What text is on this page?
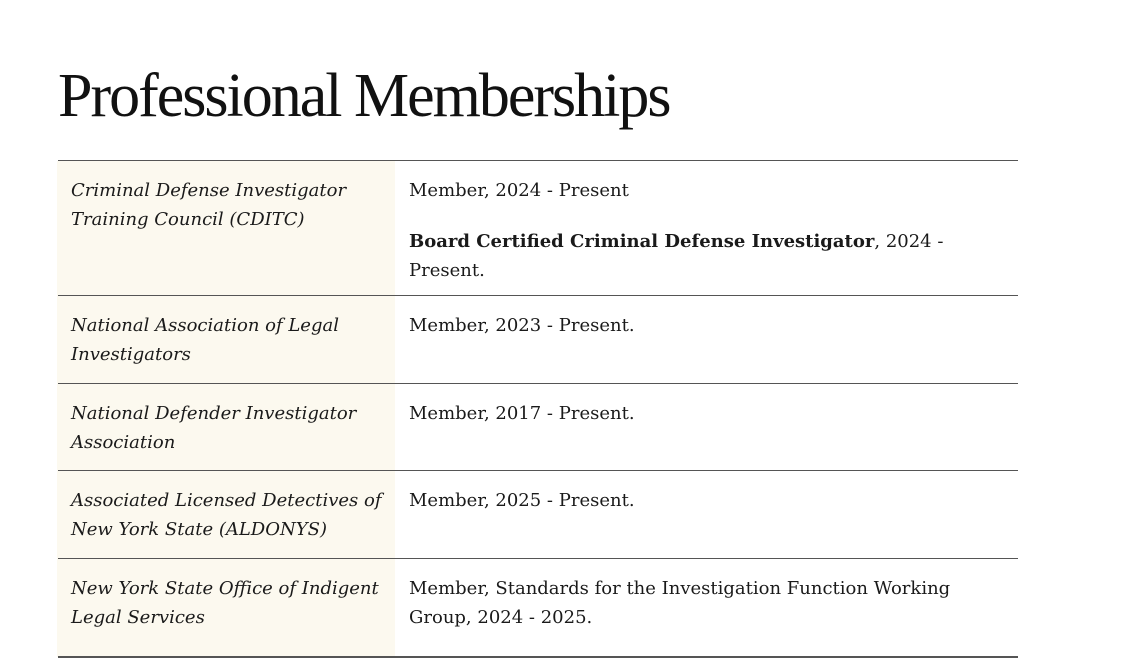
Professional Memberships
Criminal Defense Investigator Training Council (CDITC)	Member, 2024 - Present
Board Certified Criminal Defense Investigator, 2024 - Present.

National Association of Legal Investigators	Member, 2023 - Present.

National Defender Investigator Association	Member, 2017 - Present.

Associated Licensed Detectives of New York State (ALDONYS)	Member, 2025 - Present.

New York State Office of Indigent Legal Services	Member, Standards for the Investigation Function Working Group, 2024 - 2025.
